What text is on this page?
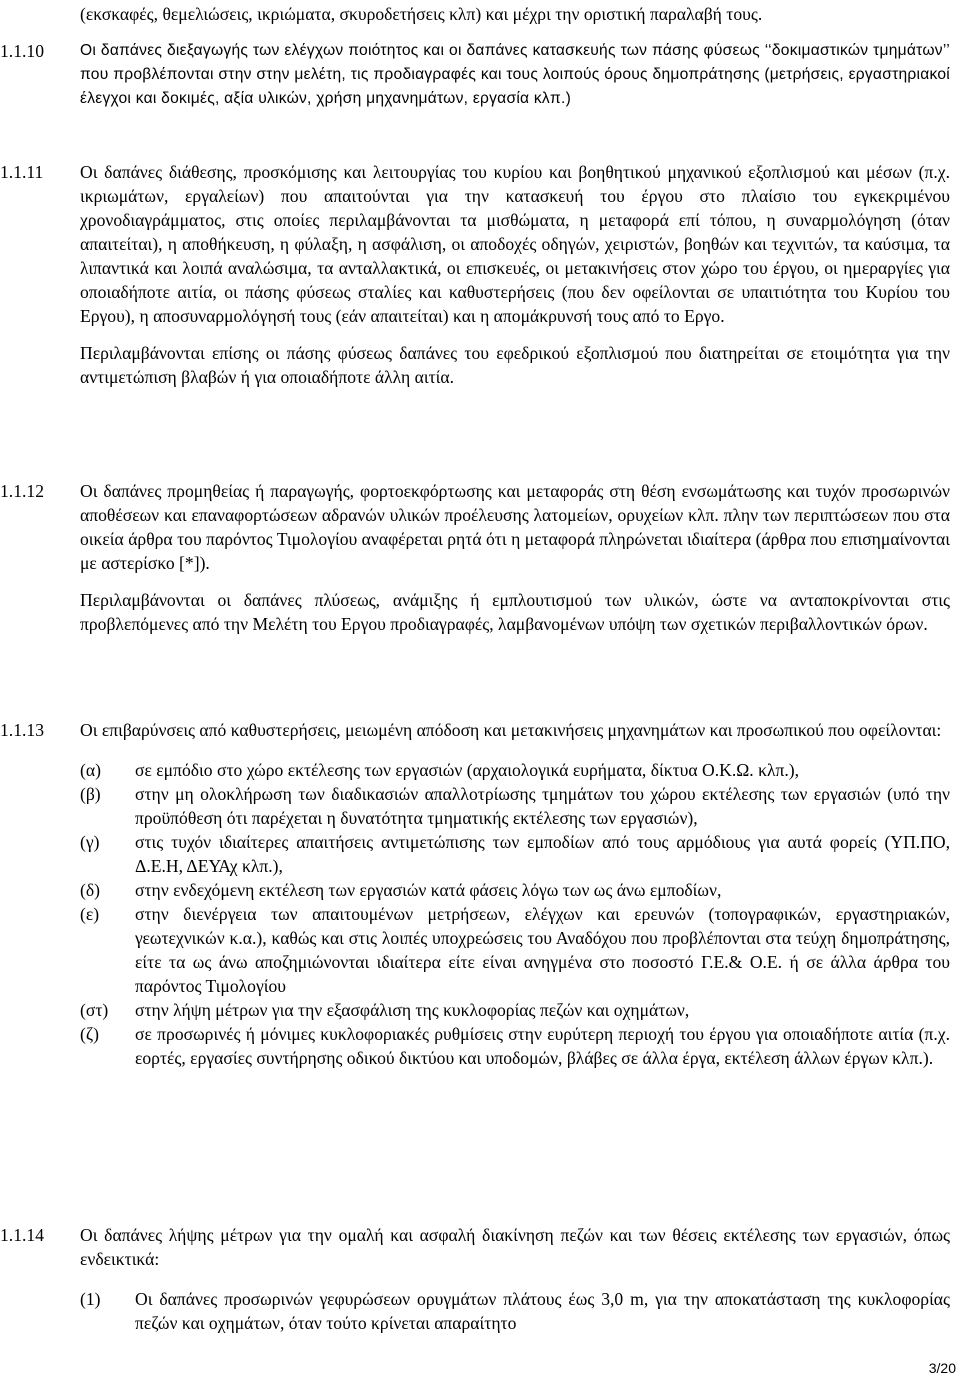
(εκσκαφές, θεμελιώσεις, ικριώματα, σκυροδετήσεις κλπ) και μέχρι την οριστική παραλαβή τους.
1.1.10	Οι δαπάνες διεξαγωγής των ελέγχων ποιότητος και οι δαπάνες κατασκευής των πάσης φύσεως ‘‘δοκιμαστικών τμημάτων’’ που προβλέπονται στην στην μελέτη, τις προδιαγραφές και τους λοιπούς όρους δημοπράτησης (μετρήσεις, εργαστηριακοί έλεγχοι και δοκιμές, αξία υλικών, χρήση μηχανημάτων, εργασία κλπ.)

1.1.11	Οι δαπάνες διάθεσης, προσκόμισης και λειτουργίας του κυρίου και βοηθητικού μηχανικού εξοπλισμού και μέσων (π.χ. ικριωμάτων, εργαλείων) που απαιτούνται για την κατασκευή του έργου στο πλαίσιο του εγκεκριμένου χρονοδιαγράμματος, στις οποίες περιλαμβάνονται τα μισθώματα, η μεταφορά επί τόπου, η συναρμολόγηση (όταν απαιτείται), η αποθήκευση, η φύλαξη, η ασφάλιση, οι αποδοχές οδηγών, χειριστών, βοηθών και τεχνιτών, τα καύσιμα, τα λιπαντικά και λοιπά αναλώσιμα, τα ανταλλακτικά, οι επισκευές, οι μετακινήσεις στον χώρο του έργου, οι ημεραργίες για οποιαδήποτε αιτία, οι πάσης φύσεως σταλίες και καθυστερήσεις (που δεν οφείλονται σε υπαιτιότητα του Κυρίου του Εργου), η αποσυναρμολόγησή τους (εάν απαιτείται) και η απομάκρυνσή τους από το Εργο.

Περιλαμβάνονται επίσης οι πάσης φύσεως δαπάνες του εφεδρικού εξοπλισμού που διατηρείται σε ετοιμότητα για την αντιμετώπιση βλαβών ή για οποιαδήποτε άλλη αιτία.

1.1.12	Οι δαπάνες προμηθείας ή παραγωγής, φορτοεκφόρτωσης και μεταφοράς στη θέση ενσωμάτωσης και τυχόν προσωρινών αποθέσεων και επαναφορτώσεων αδρανών υλικών προέλευσης λατομείων, ορυχείων κλπ. πλην των περιπτώσεων που στα οικεία άρθρα του παρόντος Τιμολογίου αναφέρεται ρητά ότι η μεταφορά πληρώνεται ιδιαίτερα (άρθρα που επισημαίνονται με αστερίσκο [*]).

Περιλαμβάνονται οι δαπάνες πλύσεως, ανάμιξης ή εμπλουτισμού των υλικών, ώστε να ανταποκρίνονται στις προβλεπόμενες από την Μελέτη του Εργου προδιαγραφές, λαμβανομένων υπόψη των σχετικών περιβαλλοντικών όρων.

1.1.13	Οι επιβαρύνσεις από καθυστερήσεις, μειωμένη απόδοση και μετακινήσεις μηχανημάτων και προσωπικού που οφείλονται:

(α) σε εμπόδιο στο χώρο εκτέλεσης των εργασιών (αρχαιολογικά ευρήματα, δίκτυα Ο.Κ.Ω. κλπ.),
(β) στην μη ολοκλήρωση των διαδικασιών απαλλοτρίωσης τμημάτων του χώρου εκτέλεσης των εργασιών (υπό την προϋπόθεση ότι παρέχεται η δυνατότητα τμηματικής εκτέλεσης των εργασιών),
(γ) στις τυχόν ιδιαίτερες απαιτήσεις αντιμετώπισης των εμποδίων από τους αρμόδιους για αυτά φορείς (ΥΠ.ΠΟ, Δ.Ε.Η, ΔΕΥΑχ κλπ.),
(δ) στην ενδεχόμενη εκτέλεση των εργασιών κατά φάσεις λόγω των ως άνω εμποδίων,
(ε) στην διενέργεια των απαιτουμένων μετρήσεων, ελέγχων και ερευνών (τοπογραφικών, εργαστηριακών, γεωτεχνικών κ.α.), καθώς και στις λοιπές υποχρεώσεις του Αναδόχου που προβλέπονται στα τεύχη δημοπράτησης, είτε τα ως άνω αποζημιώνονται ιδιαίτερα είτε είναι ανηγμένα στο ποσοστό Γ.Ε.& Ο.Ε. ή σε άλλα άρθρα του παρόντος Τιμολογίου
(στ) στην λήψη μέτρων για την εξασφάλιση της κυκλοφορίας πεζών και οχημάτων,
(ζ) σε προσωρινές ή μόνιμες κυκλοφοριακές ρυθμίσεις στην ευρύτερη περιοχή του έργου για οποιαδήποτε αιτία (π.χ. εορτές, εργασίες συντήρησης οδικού δικτύου και υποδομών, βλάβες σε άλλα έργα, εκτέλεση άλλων έργων κλπ.).
1.1.14	Οι δαπάνες λήψης μέτρων για την ομαλή και ασφαλή διακίνηση πεζών και των θέσεις εκτέλεσης των εργασιών, όπως ενδεικτικά:

(1) Οι δαπάνες προσωρινών γεφυρώσεων ορυγμάτων πλάτους έως 3,0 m, για την αποκατάσταση της κυκλοφορίας πεζών και οχημάτων, όταν τούτο κρίνεται απαραίτητο
3/20
